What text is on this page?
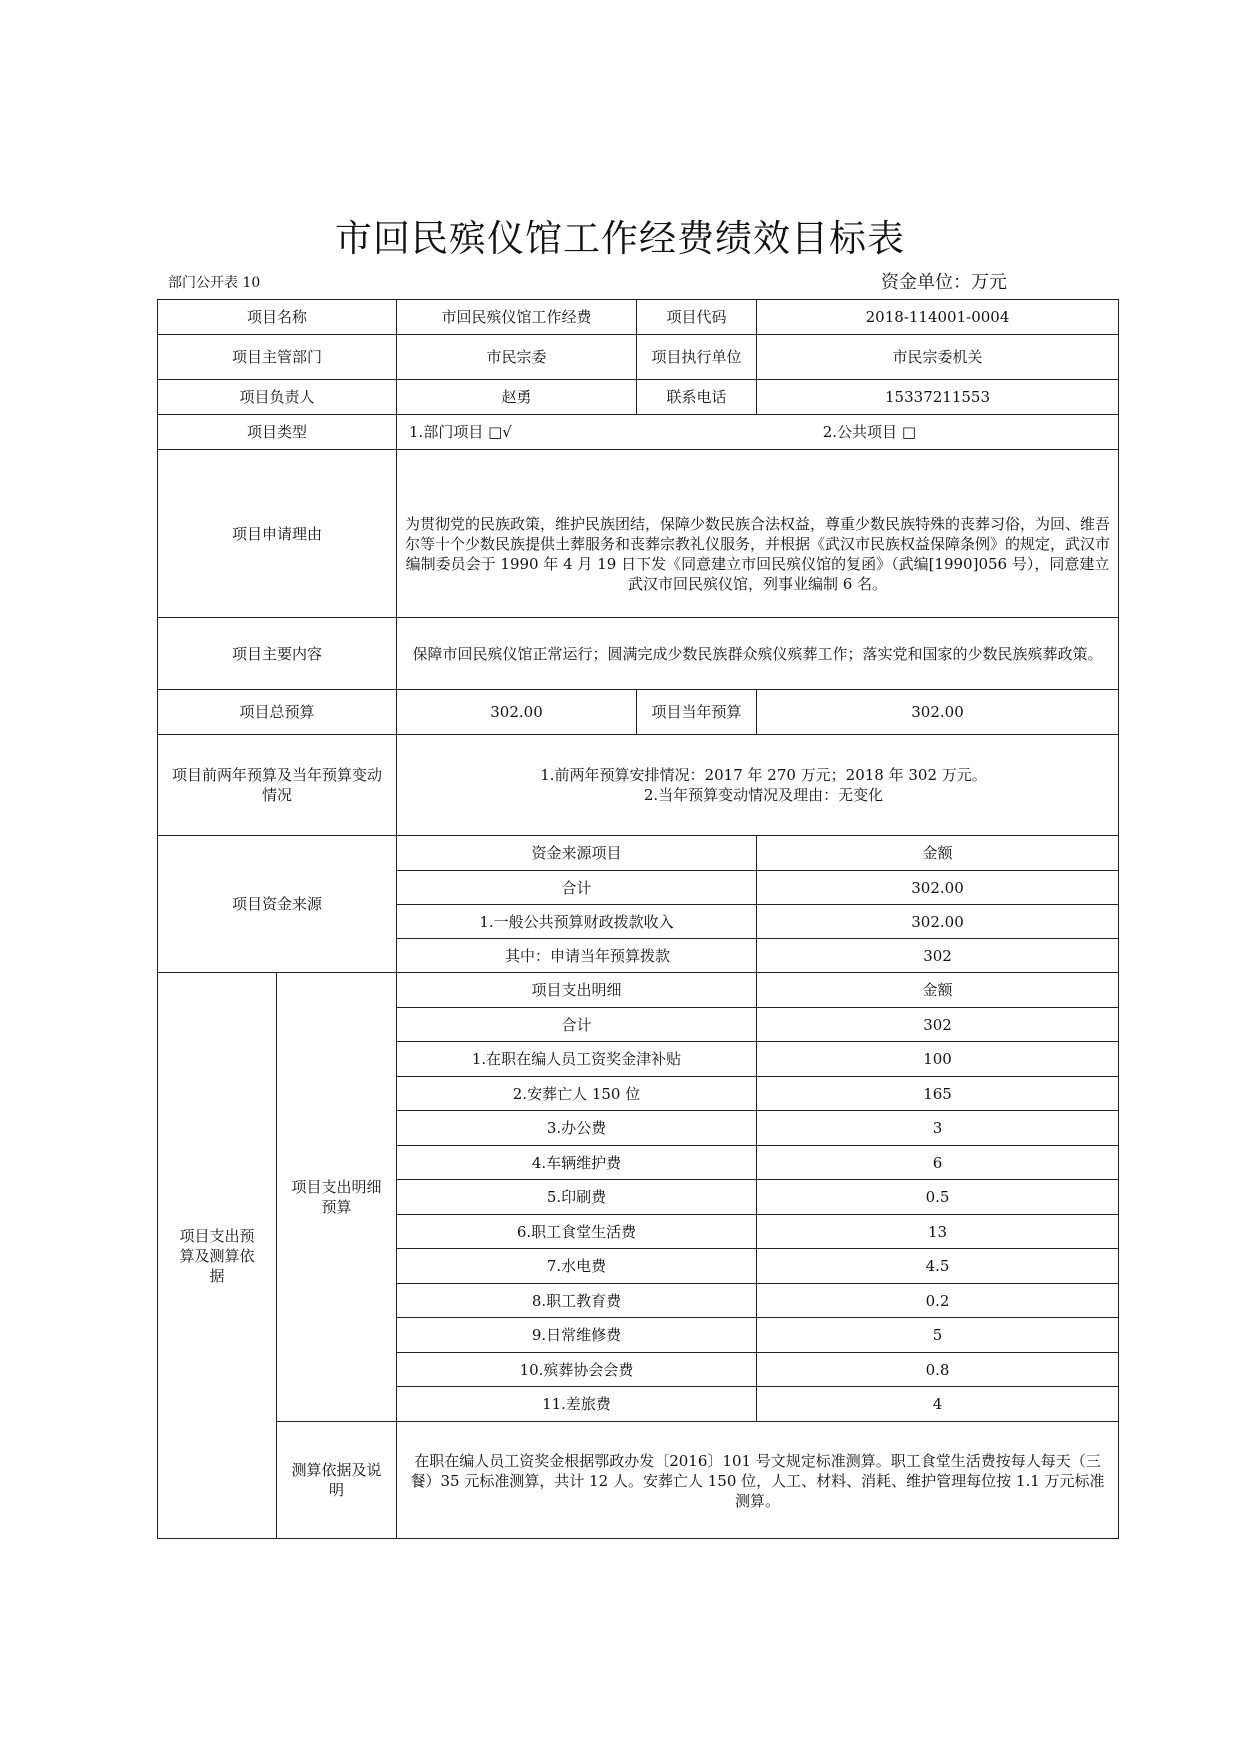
市回民殡仪馆工作经费绩效目标表
部门公开表 10	资金单位：万元
项目名称		市回民殡仪馆工作经费	项目代码	2018-114001-0004
项目主管部门		市民宗委	项目执行单位	市民宗委机关
项目负责人		赵勇	联系电话	15337211553
项目类型		1.部门项目 □√ 2.公共项目 □		

项目申请理由		为贯彻党的民族政策，维护民族团结，保障少数民族合法权益，尊重少数民族特殊的丧葬习俗，为回、维吾尔等十个少数民族提供土葬服务和丧葬宗教礼仪服务，并根据《武汉市民族权益保障条例》的规定，武汉市编制委员会于 1990 年 4 月 19 日下发《同意建立市回民殡仪馆的复函》（武编[1990]056 号），同意建立武汉市回民殡仪馆，列事业编制 6 名。		
项目主要内容		保障市回民殡仪馆正常运行；圆满完成少数民族群众殡仪殡葬工作；落实党和国家的少数民族殡葬政策。		
项目总预算		302.00	项目当年预算	302.00
项目前两年预算及当年预算变动情况		1.前两年预算安排情况：2017 年 270 万元；2018 年 302 万元。
2.当年预算变动情况及理由：无变化		

项目资金来源		资金来源项目		金额
		合计		302.00
		1.一般公共预算财政拨款收入		302.00
		其中：申请当年预算拨款		302
项目支出预算及测算依据	项目支出明细预算	项目支出明细		金额
		合计		302
		1.在职在编人员工资奖金津补贴		100
		2.安葬亡人 150 位		165
		3.办公费		3
		4.车辆维护费		6
		5.印刷费		0.5
		6.职工食堂生活费		13
		7.水电费		4.5
		8.职工教育费		0.2
		9.日常维修费		5
		10.殡葬协会会费		0.8
		11.差旅费		4
	测算依据及说明	在职在编人员工资奖金根据鄂政办发〔2016〕101 号文规定标准测算。职工食堂生活费按每人每天（三餐）35 元标准测算，共计 12 人。安葬亡人 150 位，人工、材料、消耗、维护管理每位按 1.1 万元标准测算。		
